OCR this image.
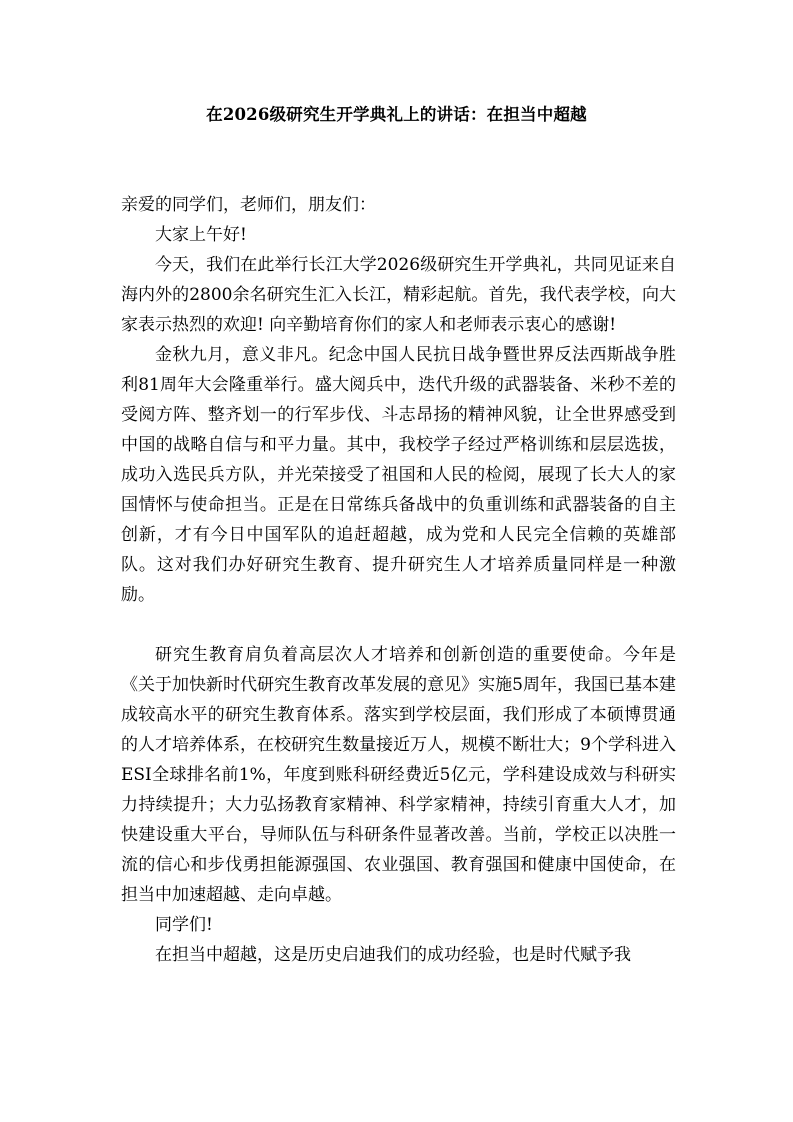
在2026级研究生开学典礼上的讲话：在担当中超越

亲爱的同学们，老师们，朋友们：

大家上午好!

今天，我们在此举行长江大学2026级研究生开学典礼，共同见证来自海内外的2800余名研究生汇入长江，精彩起航。首先，我代表学校，向大家表示热烈的欢迎! 向辛勤培育你们的家人和老师表示衷心的感谢!

金秋九月，意义非凡。纪念中国人民抗日战争暨世界反法西斯战争胜利81周年大会隆重举行。盛大阅兵中，迭代升级的武器装备、米秒不差的受阅方阵、整齐划一的行军步伐、斗志昂扬的精神风貌，让全世界感受到中国的战略自信与和平力量。其中，我校学子经过严格训练和层层选拔，成功入选民兵方队，并光荣接受了祖国和人民的检阅，展现了长大人的家国情怀与使命担当。正是在日常练兵备战中的负重训练和武器装备的自主创新，才有今日中国军队的追赶超越，成为党和人民完全信赖的英雄部队。这对我们办好研究生教育、提升研究生人才培养质量同样是一种激励。

研究生教育肩负着高层次人才培养和创新创造的重要使命。今年是《关于加快新时代研究生教育改革发展的意见》实施5周年，我国已基本建成较高水平的研究生教育体系。落实到学校层面，我们形成了本硕博贯通的人才培养体系，在校研究生数量接近万人，规模不断壮大；9个学科进入ESI全球排名前1%，年度到账科研经费近5亿元，学科建设成效与科研实力持续提升；大力弘扬教育家精神、科学家精神，持续引育重大人才，加快建设重大平台，导师队伍与科研条件显著改善。当前，学校正以决胜一流的信心和步伐勇担能源强国、农业强国、教育强国和健康中国使命，在担当中加速超越、走向卓越。

同学们!

在担当中超越，这是历史启迪我们的成功经验，也是时代赋予我
